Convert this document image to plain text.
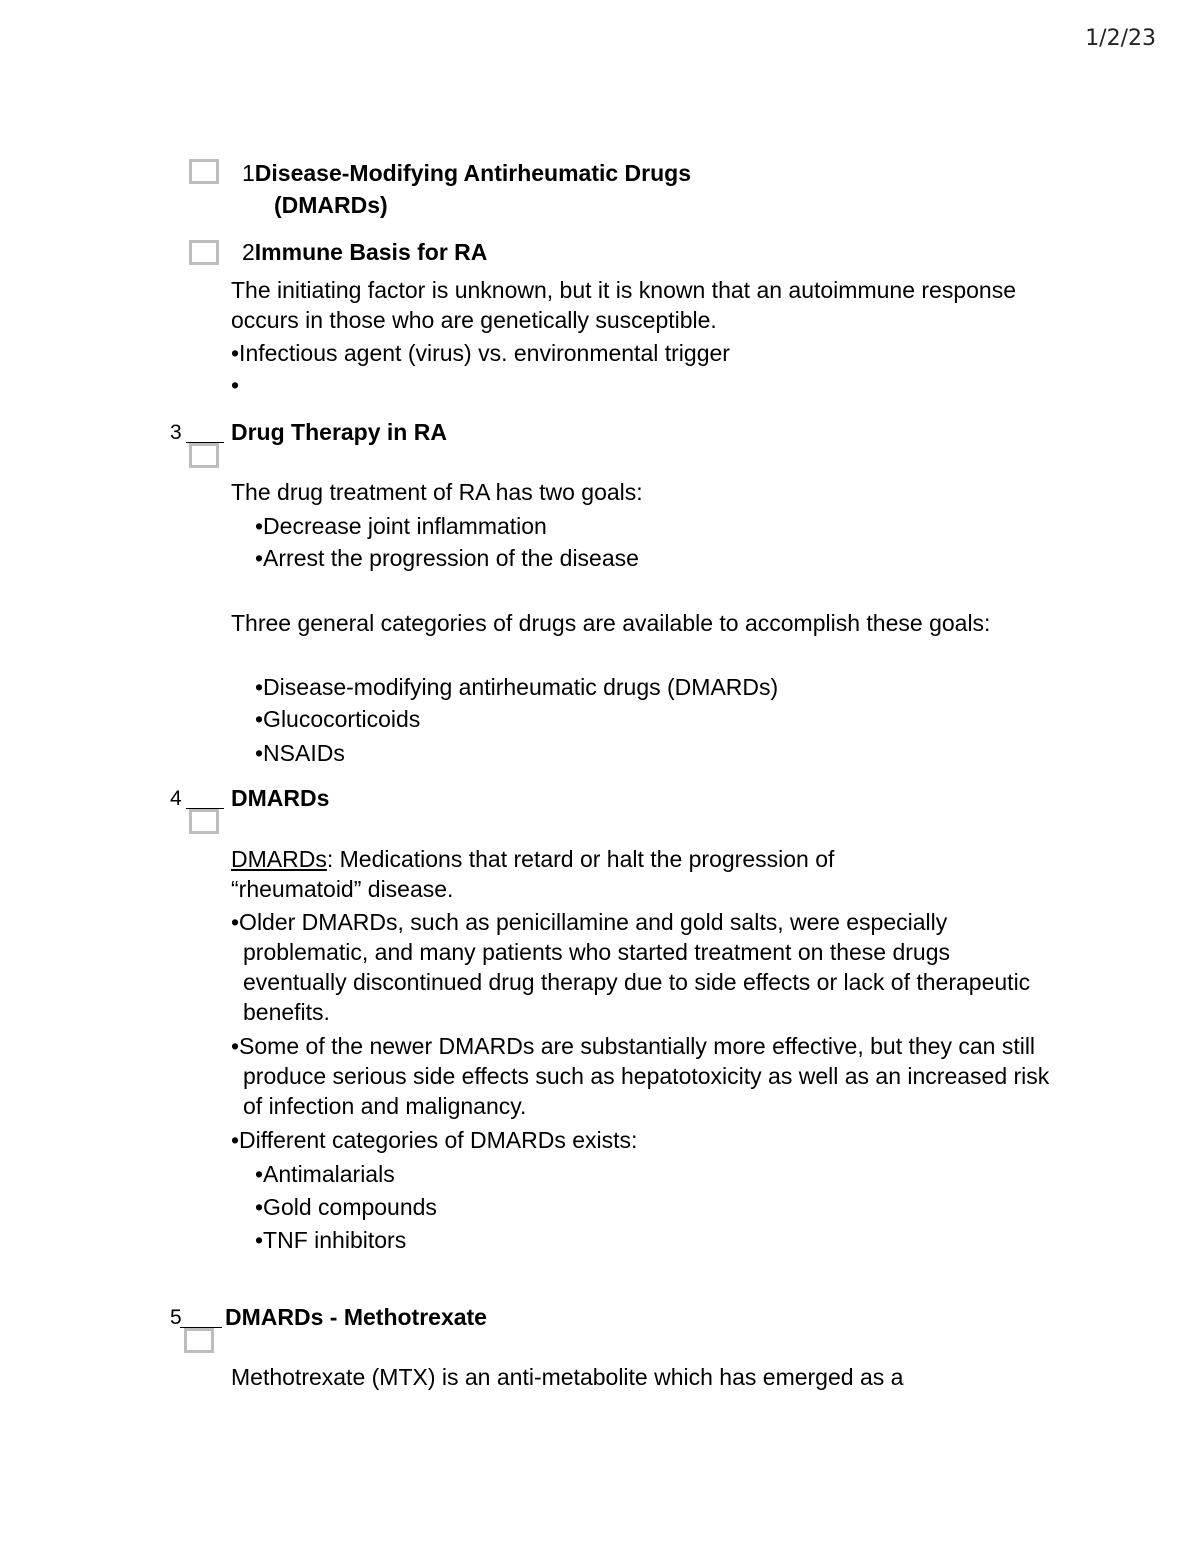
1/2/23
1Disease-Modifying Antirheumatic Drugs
(DMARDs)
2Immune Basis for RA
The initiating factor is unknown, but it is known that an autoimmune response occurs in those who are genetically susceptible.
•Infectious agent (virus) vs. environmental trigger
•
3 Drug Therapy in RA
The drug treatment of RA has two goals:
•Decrease joint inflammation
•Arrest the progression of the disease
Three general categories of drugs are available to accomplish these goals:
•Disease-modifying antirheumatic drugs (DMARDs)
•Glucocorticoids
•NSAIDs
4 DMARDs
DMARDs: Medications that retard or halt the progression of “rheumatoid” disease.
•Older DMARDs, such as penicillamine and gold salts, were especially problematic, and many patients who started treatment on these drugs eventually discontinued drug therapy due to side effects or lack of therapeutic benefits.
•Some of the newer DMARDs are substantially more effective, but they can still produce serious side effects such as hepatotoxicity as well as an increased risk of infection and malignancy.
•Different categories of DMARDs exists:
•Antimalarials
•Gold compounds
•TNF inhibitors
5 DMARDs - Methotrexate
Methotrexate (MTX) is an anti-metabolite which has emerged as a
